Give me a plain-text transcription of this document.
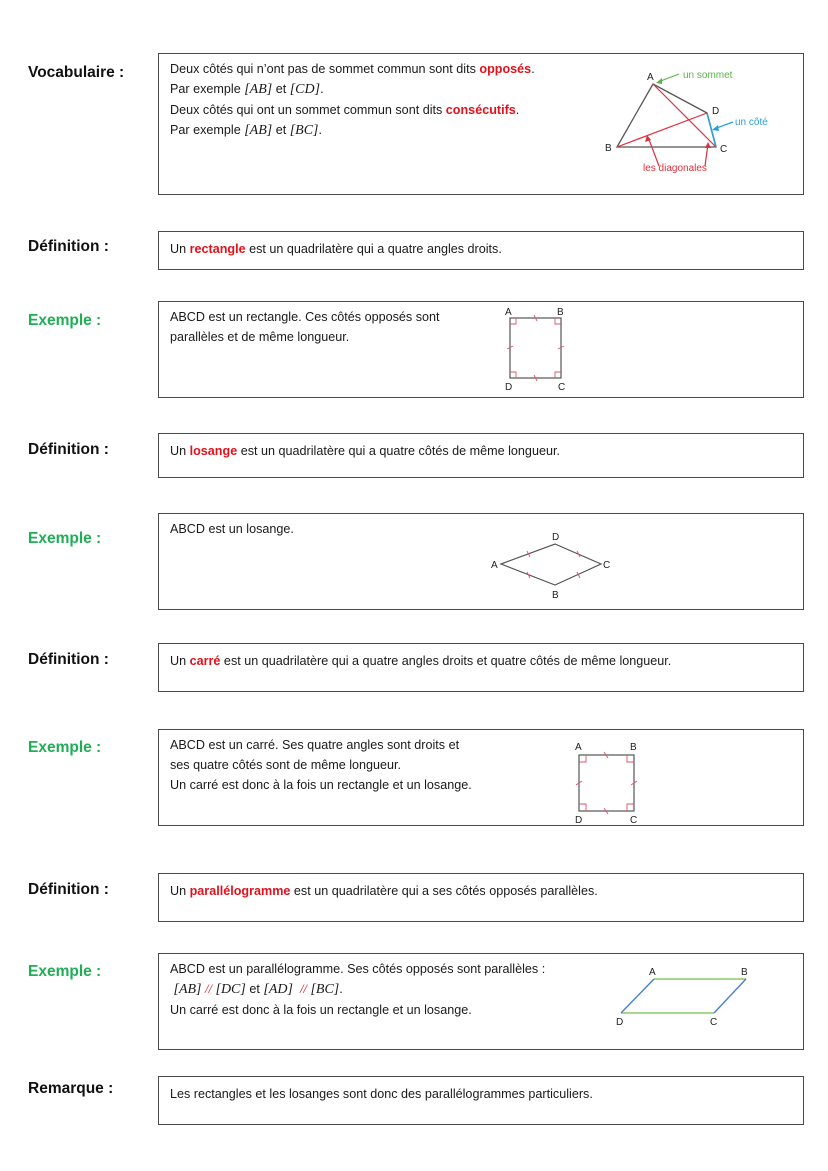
Vocabulaire :	Deux côtés qui n’ont pas de sommet commun sont dits opposés.
Par exemple [AB] et [CD].
Deux côtés qui ont un sommet commun sont dits consécutifs.
Par exemple [AB] et [BC].
A
B	C
D
un sommet
un côté
les diagonales
Définition :	Un rectangle est un quadrilatère qui a quatre angles droits.
Exemple :	ABCD est un rectangle. Ces côtés opposés sont
parallèles et de même longueur.
A	B
C
D
Définition :	Un losange est un quadrilatère qui a quatre côtés de même longueur.
Exemple :
ABCD est un losange.
A
D
C
B
Définition :	Un carré est un quadrilatère qui a quatre angles droits et quatre côtés de même longueur.
Exemple :	ABCD est un carré. Ses quatre angles sont droits et
ses quatre côtés sont de même longueur.
Un carré est donc à la fois un rectangle et un losange.
A	B
C
D
Définition :	Un parallélogramme est un quadrilatère qui a ses côtés opposés parallèles.
Exemple :	ABCD est un parallélogramme. Ses côtés opposés sont parallèles :
[AB] // [DC] et [AD] // [BC].
Un carré est donc à la fois un rectangle et un losange.
A	B
C
D
Remarque :	Les rectangles et les losanges sont donc des parallélogrammes particuliers.
